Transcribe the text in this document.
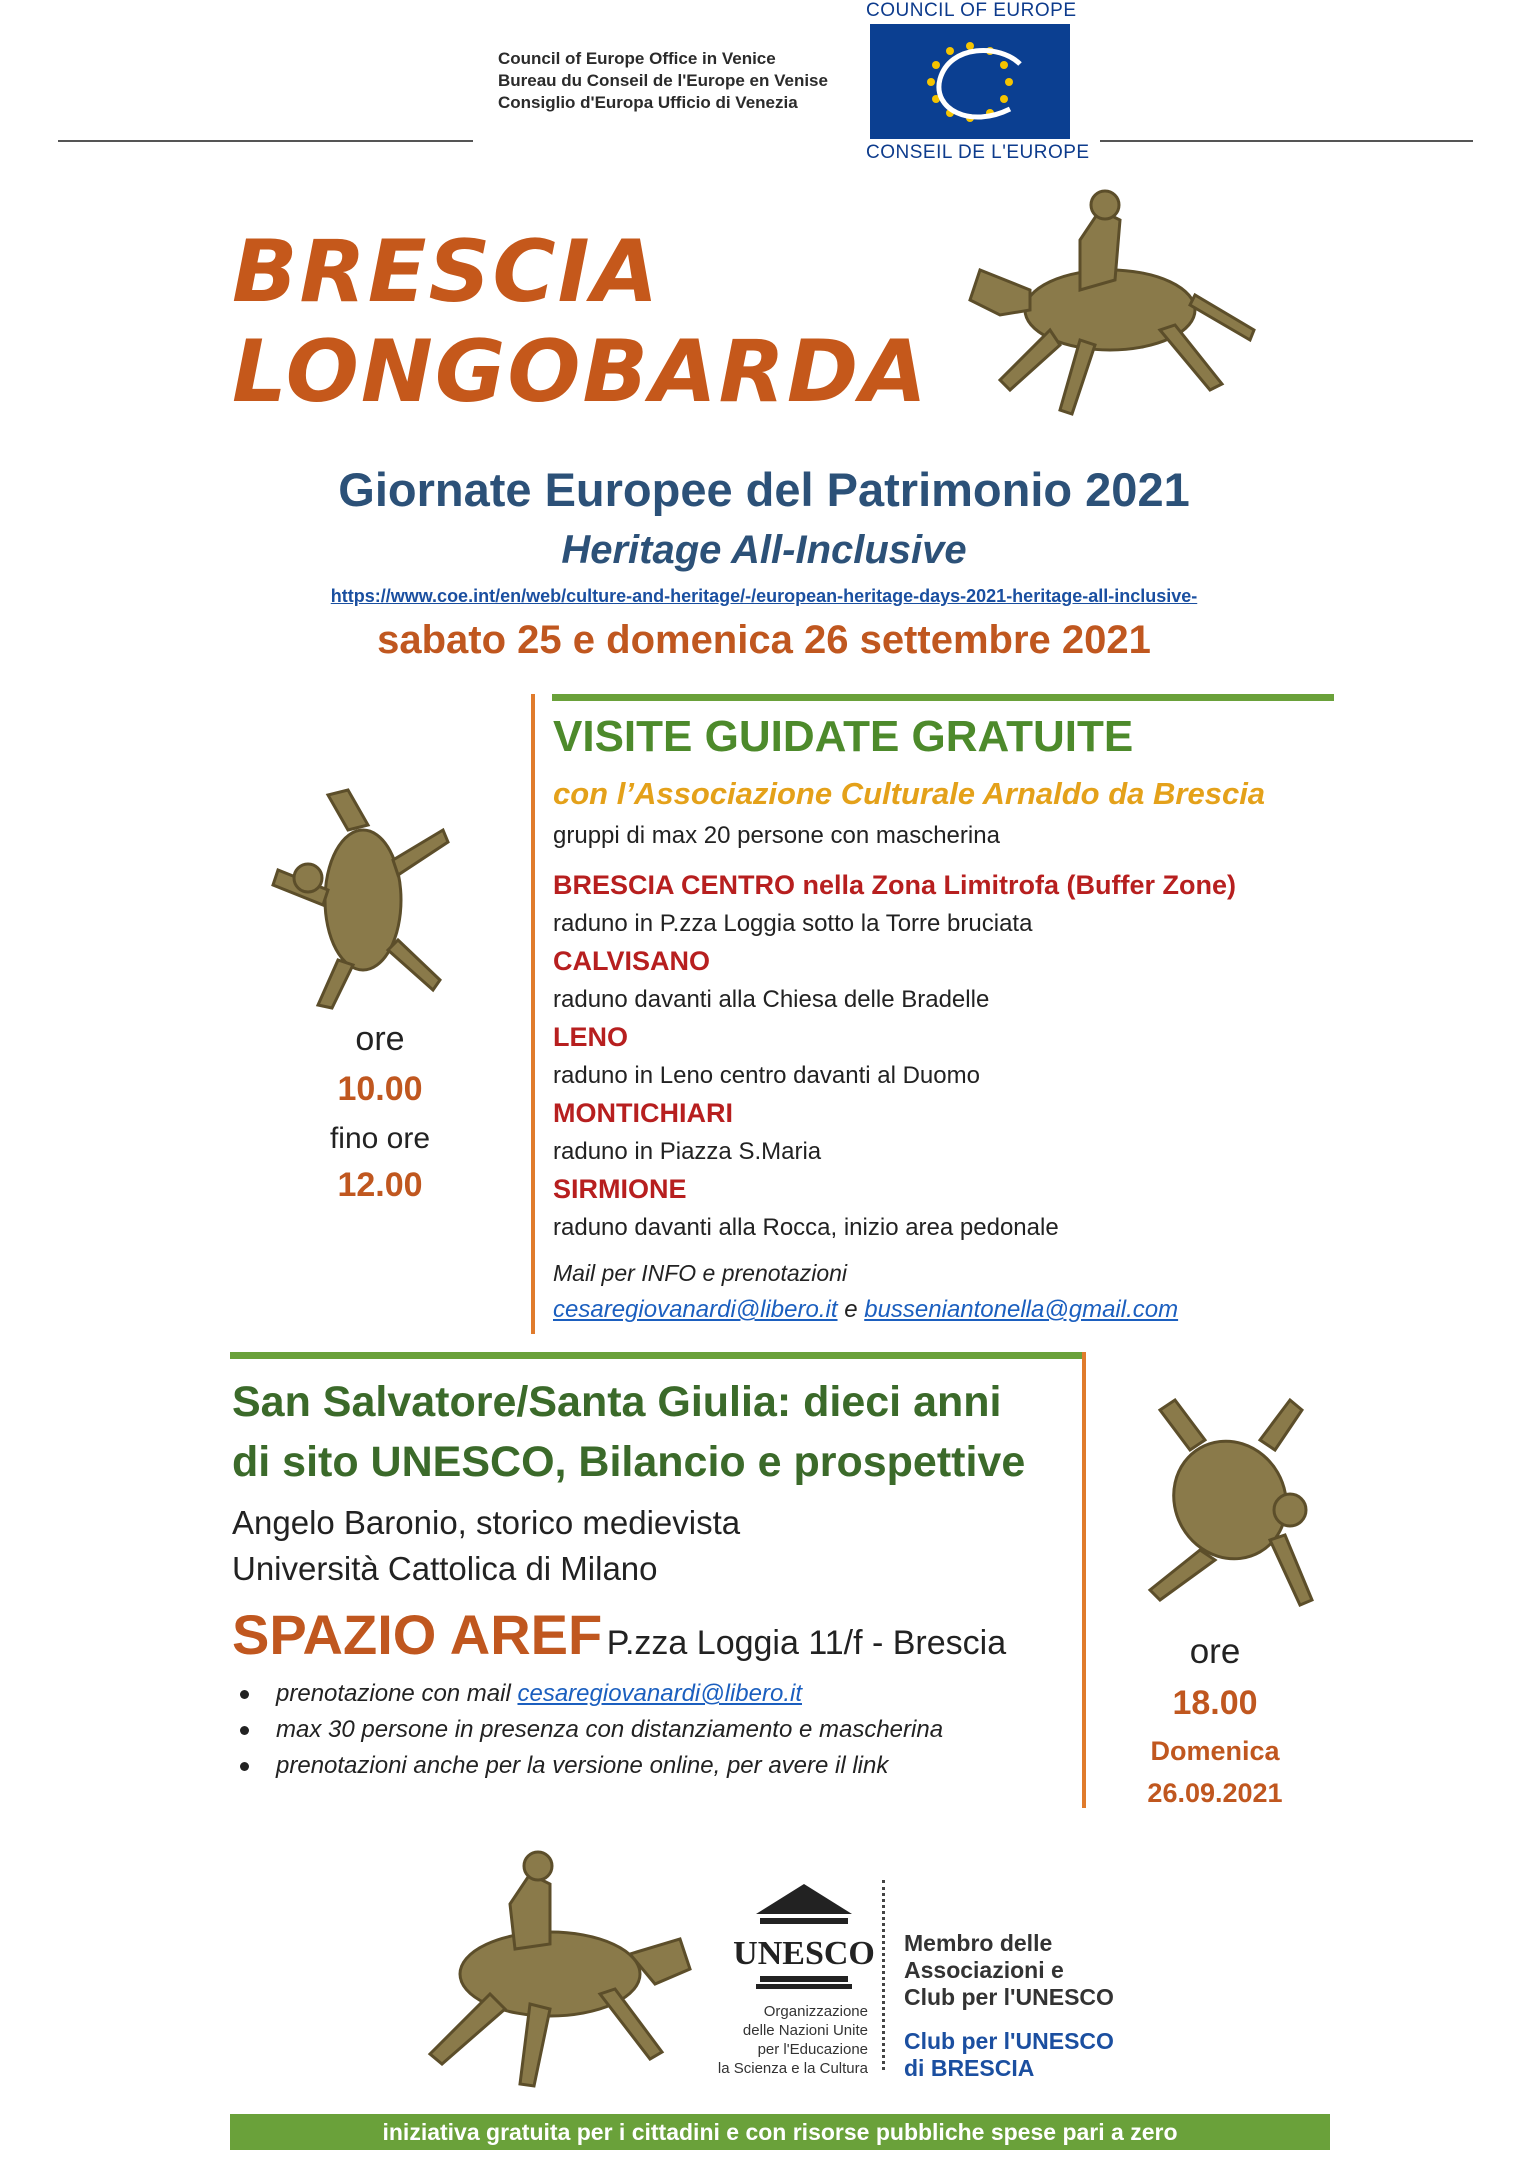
Council of Europe Office in Venice
Bureau du Conseil de l'Europe en Venise
Consiglio d'Europa Ufficio di Venezia
COUNCIL OF EUROPE
CONSEIL DE L'EUROPE
BRESCIA
LONGOBARDA
Giornate Europee del Patrimonio 2021
Heritage All-Inclusive
https://www.coe.int/en/web/culture-and-heritage/-/european-heritage-days-2021-heritage-all-inclusive-
sabato 25 e domenica 26 settembre 2021
VISITE GUIDATE GRATUITE
con l’Associazione Culturale Arnaldo da Brescia
gruppi di max 20 persone con mascherina
BRESCIA CENTRO nella Zona Limitrofa (Buffer Zone)
raduno in P.zza Loggia sotto la Torre bruciata
CALVISANO
raduno davanti alla Chiesa delle Bradelle
LENO
raduno in Leno centro davanti al Duomo
MONTICHIARI
raduno in Piazza S.Maria
SIRMIONE
raduno davanti alla Rocca, inizio area pedonale
Mail per INFO e prenotazioni
cesaregiovanardi@libero.it e busseniantonella@gmail.com
ore
10.00
fino ore
12.00
San Salvatore/Santa Giulia: dieci anni
di sito UNESCO, Bilancio e prospettive
Angelo Baronio, storico medievista
Università Cattolica di Milano
SPAZIO AREF P.zza Loggia 11/f - Brescia
prenotazione con mail cesaregiovanardi@libero.it
max 30 persone in presenza con distanziamento e mascherina
prenotazioni anche per la versione online, per avere il link
ore
18.00
Domenica
26.09.2021
UNESCO
Organizzazione
delle Nazioni Unite
per l'Educazione
la Scienza e la Cultura
Membro delle
Associazioni e
Club per l'UNESCO
Club per l'UNESCO
di BRESCIA
iniziativa gratuita per i cittadini e con risorse pubbliche spese pari a zero
